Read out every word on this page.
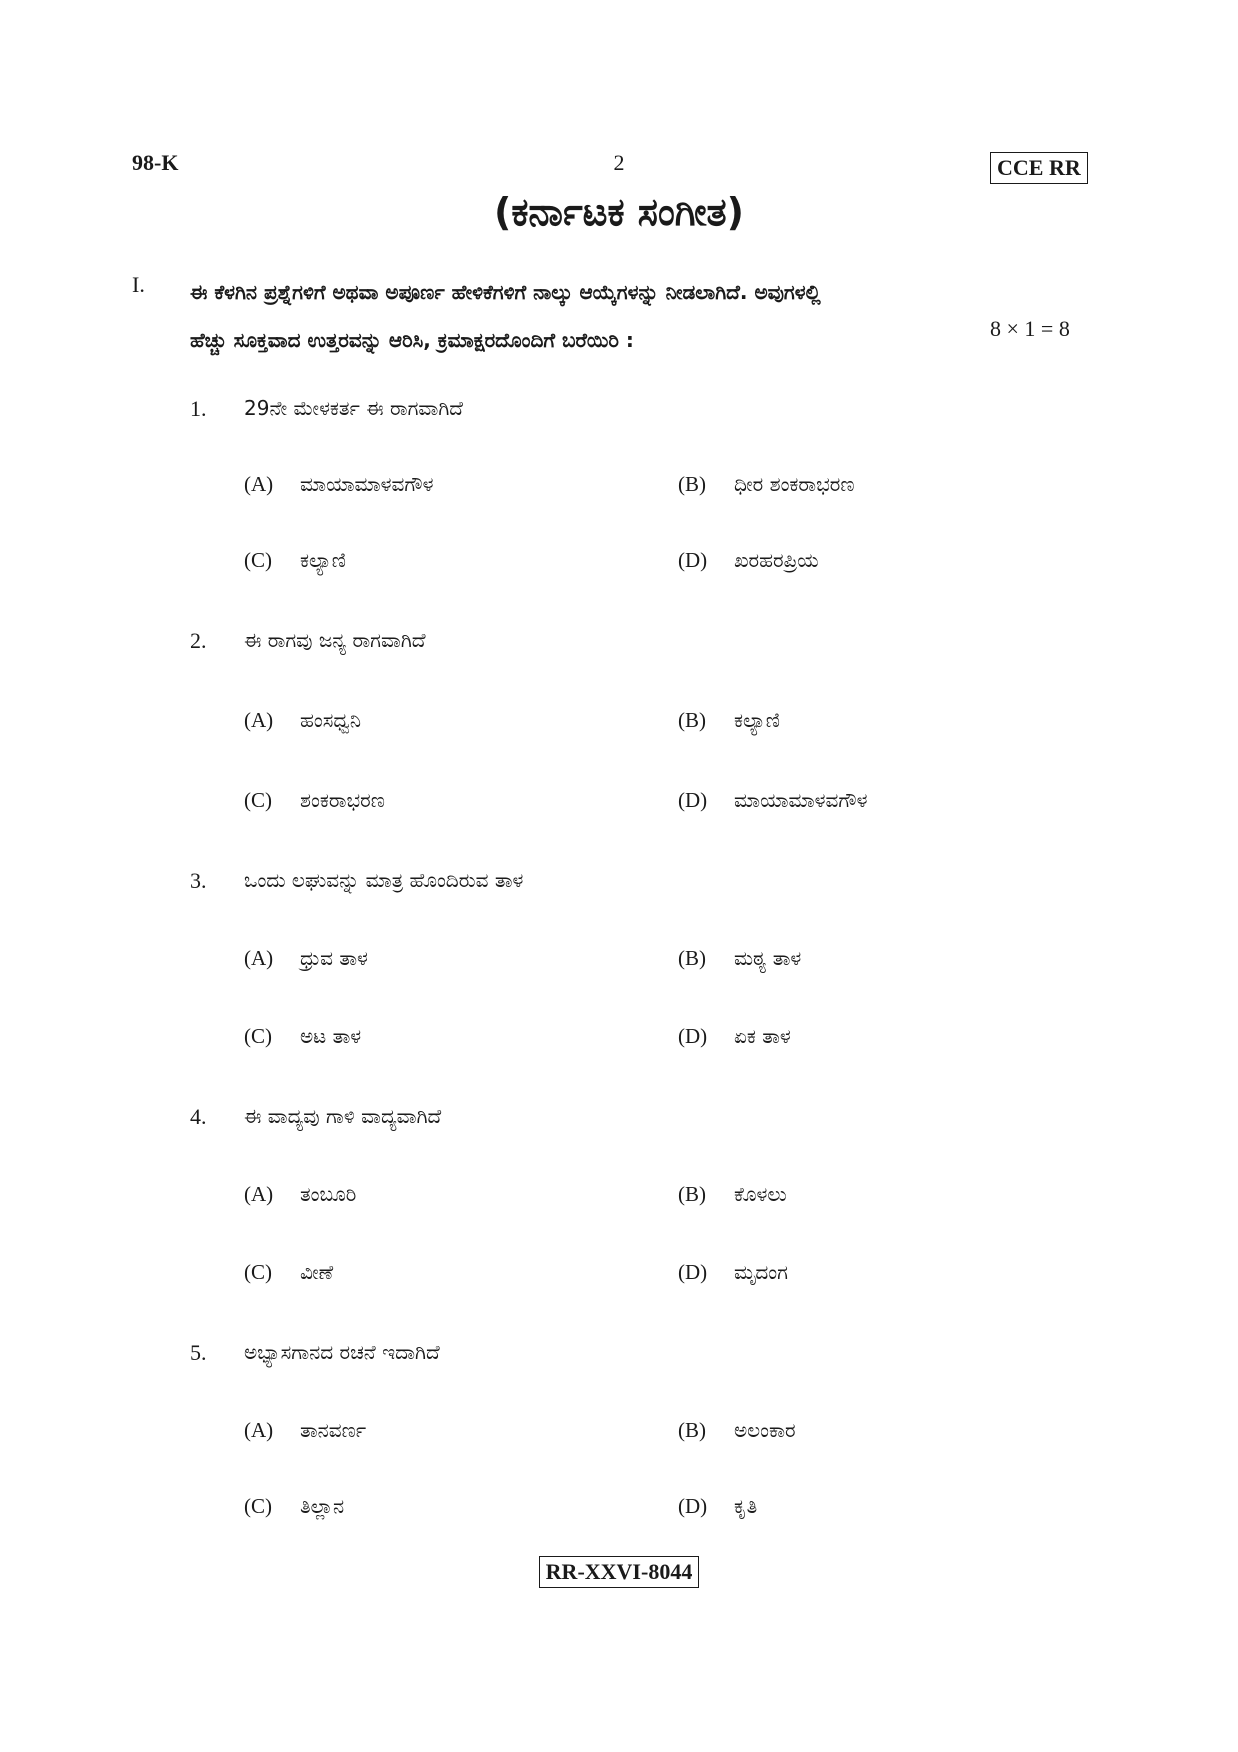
98-K	2	CCE RR
(ಕರ್ನಾಟಕ ಸಂಗೀತ)
I. ಈ ಕೆಳಗಿನ ಪ್ರಶ್ನೆಗಳಿಗೆ ಅಥವಾ ಅಪೂರ್ಣ ಹೇಳಿಕೆಗಳಿಗೆ ನಾಲ್ಕು ಆಯ್ಕೆಗಳನ್ನು ನೀಡಲಾಗಿದೆ. ಅವುಗಳಲ್ಲಿ
ಹೆಚ್ಚು ಸೂಕ್ತವಾದ ಉತ್ತರವನ್ನು ಆರಿಸಿ, ಕ್ರಮಾಕ್ಷರದೊಂದಿಗೆ ಬರೆಯಿರಿ :	8 × 1 = 8
1. 29ನೇ ಮೇಳಕರ್ತ ಈ ರಾಗವಾಗಿದೆ
(A) ಮಾಯಾಮಾಳವಗೌಳ	(B) ಧೀರ ಶಂಕರಾಭರಣ
(C) ಕಲ್ಯಾಣಿ	(D) ಖರಹರಪ್ರಿಯ
2. ಈ ರಾಗವು ಜನ್ಯ ರಾಗವಾಗಿದೆ
(A) ಹಂಸಧ್ವನಿ	(B) ಕಲ್ಯಾಣಿ
(C) ಶಂಕರಾಭರಣ	(D) ಮಾಯಾಮಾಳವಗೌಳ
3. ಒಂದು ಲಘುವನ್ನು ಮಾತ್ರ ಹೊಂದಿರುವ ತಾಳ
(A) ಧ್ರುವ ತಾಳ	(B) ಮಠ್ಯ ತಾಳ
(C) ಅಟ ತಾಳ	(D) ಏಕ ತಾಳ
4. ಈ ವಾದ್ಯವು ಗಾಳಿ ವಾದ್ಯವಾಗಿದೆ
(A) ತಂಬೂರಿ	(B) ಕೊಳಲು
(C) ವೀಣೆ	(D) ಮೃದಂಗ
5. ಅಭ್ಯಾಸಗಾನದ ರಚನೆ ಇದಾಗಿದೆ
(A) ತಾನವರ್ಣ	(B) ಅಲಂಕಾರ
(C) ತಿಲ್ಲಾನ	(D) ಕೃತಿ
RR-XXVI-8044
